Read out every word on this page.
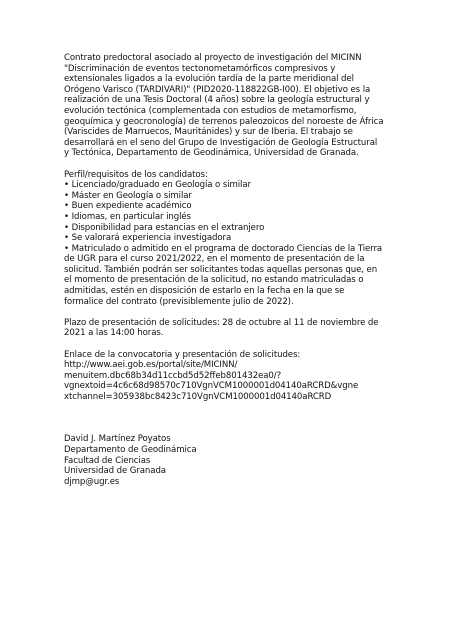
Contrato predoctoral asociado al proyecto de investigación del MICINN "Discriminación de eventos tectonometamórficos compresivos y extensionales ligados a la evolución tardía de la parte meridional del Orógeno Varisco (TARDIVARI)" (PID2020-118822GB-I00). El objetivo es la realización de una Tesis Doctoral (4 años) sobre la geología estructural y evolución tectónica (complementada con estudios de metamorfismo, geoquímica y geocronología) de terrenos paleozoicos del noroeste de África (Variscides de Marruecos, Mauritánides) y sur de Iberia. El trabajo se desarrollará en el seno del Grupo de Investigación de Geología Estructural y Tectónica, Departamento de Geodinámica, Universidad de Granada.

Perfil/requisitos de los candidatos:

• Licenciado/graduado en Geología o similar
• Máster en Geología o similar
• Buen expediente académico
• Idiomas, en particular inglés
• Disponibilidad para estancias en el extranjero
• Se valorará experiencia investigadora
• Matriculado o admitido en el programa de doctorado Ciencias de la Tierra de UGR para el curso 2021/2022, en el momento de presentación de la solicitud. También podrán ser solicitantes todas aquellas personas que, en el momento de presentación de la solicitud, no estando matriculadas o admitidas, estén en disposición de estarlo en la fecha en la que se formalice del contrato (previsiblemente julio de 2022).

Plazo de presentación de solicitudes: 28 de octubre al 11 de noviembre de 2021 a las 14:00 horas.

Enlace de la convocatoria y presentación de solicitudes:

http://www.aei.gob.es/portal/site/MICINN/
menuitem.dbc68b34d11ccbd5d52ffeb801432ea0/?
vgnextoid=4c6c68d98570c710VgnVCM1000001d04140aRCRD&vgne
xtchannel=305938bc8423c710VgnVCM1000001d04140aRCRD
David J. Martínez Poyatos
Departamento de Geodinámica
Facultad de Ciencias
Universidad de Granada
djmp@ugr.es
